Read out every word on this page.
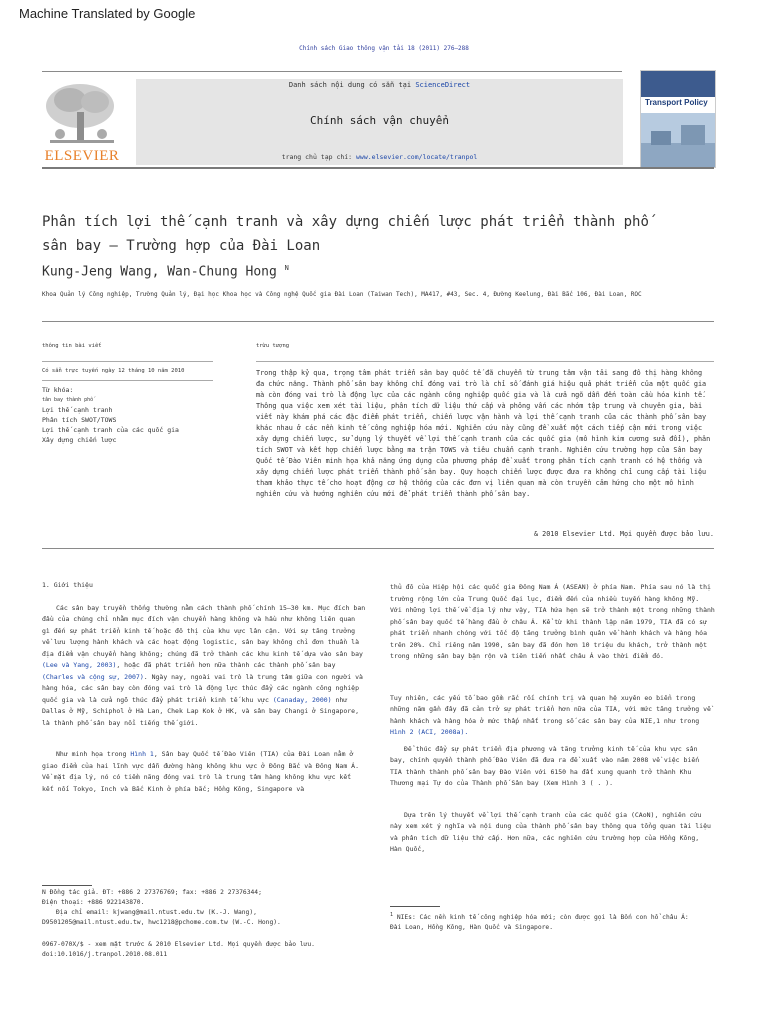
Machine Translated by Google
Chính sách Giao thông vận tải 18 (2011) 276–288
ELSEVIER
Danh sách nội dung có sẵn tại ScienceDirect
Chính sách vận chuyển
trang chủ tạp chí: www.elsevier.com/locate/tranpol
Transport Policy
Phân tích lợi thế cạnh tranh và xây dựng chiến lược phát triển thành phố sân bay – Trường hợp của Đài Loan
Kung-Jeng Wang, Wan-Chung Hong $^N$
Khoa Quản lý Công nghiệp, Trường Quản lý, Đại học Khoa học và Công nghệ Quốc gia Đài Loan (Taiwan Tech), MA417, #43, Sec. 4, Đường Keelung, Đài Bắc 106, Đài Loan, ROC
thông tin bài viết
Có sẵn trực tuyến ngày 12 tháng 10 năm 2010
Từ khóa:
tân bay thành phố
Lợi thế cạnh tranh
Phân tích SWOT/TOWS
Lợi thế cạnh tranh của các quốc gia
Xây dựng chiến lược
trừu tượng
Trong thập kỷ qua, trọng tâm phát triển sân bay quốc tế đã chuyển từ trung tâm vận tải sang đô thị hàng không
đa chức năng. Thành phố sân bay không chỉ đóng vai trò là chỉ số đánh giá hiệu quả phát triển của một quốc gia
mà còn đóng vai trò là động lực của các ngành công nghiệp quốc gia và là cửa ngõ dẫn đến toàn cầu hóa kinh tế.
Thông qua việc xem xét tài liệu, phân tích dữ liệu thứ cấp và phỏng vấn các nhóm tập trung và chuyên gia, bài
viết này khám phá các đặc điểm phát triển, chiến lược vận hành và lợi thế cạnh tranh của các thành phố sân bay
khác nhau ở các nền kinh tế công nghiệp hóa mới. Nghiên cứu này cũng đề xuất một cách tiếp cận mới trong việc
xây dựng chiến lược, sử dụng lý thuyết về lợi thế cạnh tranh của các quốc gia (mô hình kim cương sửa đổi), phân
tích SWOT và kết hợp chiến lược bằng ma trận TOWS và tiêu chuẩn cạnh tranh. Nghiên cứu trường hợp của Sân bay
Quốc tế Đào Viên minh họa khả năng ứng dụng của phương pháp đề xuất trong phân tích cạnh tranh có hệ thống và
xây dựng chiến lược phát triển thành phố sân bay. Quy hoạch chiến lược được đưa ra không chỉ cung cấp tài liệu
tham khảo thực tế cho hoạt động cơ hệ thống của các đơn vị liên quan mà còn truyền cảm hứng cho một mô hình
nghiên cứu và hướng nghiên cứu mới để phát triển thành phố sân bay.
& 2010 Elsevier Ltd. Mọi quyền được bảo lưu.

1. Giới thiệu

Các sân bay truyền thống thường nằm cách thành phố chính 15–30 km. Mục đích ban
đầu của chúng chỉ nhằm mục đích vận chuyển hàng không và hầu như không liên quan
gì đến sự phát triển kinh tế hoặc đô thị của khu vực lân cận. Với sự tăng trưởng
về lưu lượng hành khách và các hoạt động logistic, sân bay không chỉ đơn thuần là
địa điểm vận chuyển hàng không; chúng đã trở thành các khu kinh tế dựa vào sân bay
(Lee và Yang, 2003), hoặc đã phát triển hơn nữa thành các thành phố sân bay
(Charles và cộng sự, 2007). Ngày nay, ngoài vai trò là trung tâm giữa con người và
hàng hóa, các sân bay còn đóng vai trò là động lực thúc đẩy các ngành công nghiệp
quốc gia và là cửa ngõ thúc đẩy phát triển kinh tế khu vực (Canaday, 2000) như
Dallas ở Mỹ, Schiphol ở Hà Lan, Chek Lap Kok ở HK, và sân bay Changi ở Singapore,
là thành phố sân bay nổi tiếng thế giới.

Như minh họa trong Hình 1, Sân bay Quốc tế Đào Viên (TIA) của Đài Loan nằm ở
giao điểm của hai lĩnh vực dẫn đường hàng không khu vực ở Đông Bắc và Đông Nam Á.
Về mặt địa lý, nó có tiềm năng đóng vai trò là trung tâm hàng không khu vực kết
kết nối Tokyo, Inch và Bắc Kinh ở phía bắc; Hồng Kông, Singapore và

N Đồng tác giả. ĐT: +886 2 27376769; fax: +886 2 27376344;
Điện thoại: +886 922143870.
Địa chỉ email: kjwang@mail.ntust.edu.tw (K.-J. Wang),
D9501205@mail.ntust.edu.tw, hwc1218@pchome.com.tw (W.-C. Hong).
0967-070X/$ - xem mặt trước & 2010 Elsevier Ltd. Mọi quyền được bảo lưu.
doi:10.1016/j.tranpol.2010.08.011

thủ đô của Hiệp hội các quốc gia Đông Nam Á (ASEAN) ở phía Nam. Phía sau nó là thị
trường rộng lớn của Trung Quốc đại lục, điểm đến của nhiều tuyến hàng không Mỹ.
Với những lợi thế về địa lý như vậy, TIA hứa hẹn sẽ trở thành một trong những thành
phố sân bay quốc tế hàng đầu ở châu Á. Kể từ khi thành lập năm 1979, TIA đã có sự
phát triển nhanh chóng với tốc độ tăng trưởng bình quân về hành khách và hàng hóa
trên 20%. Chỉ riêng năm 1990, sân bay đã đón hơn 10 triệu du khách, trở thành một
trong những sân bay bận rộn và tiên tiến nhất châu Á vào thời điểm đó.

Tuy nhiên, các yếu tố bao gồm rắc rối chính trị và quan hệ xuyên eo biển trong
những năm gần đây đã cản trở sự phát triển hơn nữa của TIA, với mức tăng trưởng về
hành khách và hàng hóa ở mức thấp nhất trong số các sân bay của NIE,1 như trong
Hình 2 (ACI, 2008a).

Để thúc đẩy sự phát triển địa phương và tăng trưởng kinh tế của khu vực sân
bay, chính quyền thành phố Đào Viên đã đưa ra đề xuất vào năm 2008 về việc biến
TIA thành thành phố sân bay Đào Viên với 6150 ha đất xung quanh trở thành Khu
Thương mại Tự do của Thành phố Sân bay (Xem Hình 3 ( . ).

Dựa trên lý thuyết về lợi thế cạnh tranh của các quốc gia (CAoN), nghiên cứu
này xem xét ý nghĩa và nội dung của thành phố sân bay thông qua tổng quan tài liệu
và phân tích dữ liệu thứ cấp. Hơn nữa, các nghiên cứu trường hợp của Hồng Kông,
Hàn Quốc,

$^1$ NIEs: Các nền kinh tế công nghiệp hóa mới; còn được gọi là Bốn con hổ châu Á:
Đài Loan, Hồng Kông, Hàn Quốc và Singapore.
